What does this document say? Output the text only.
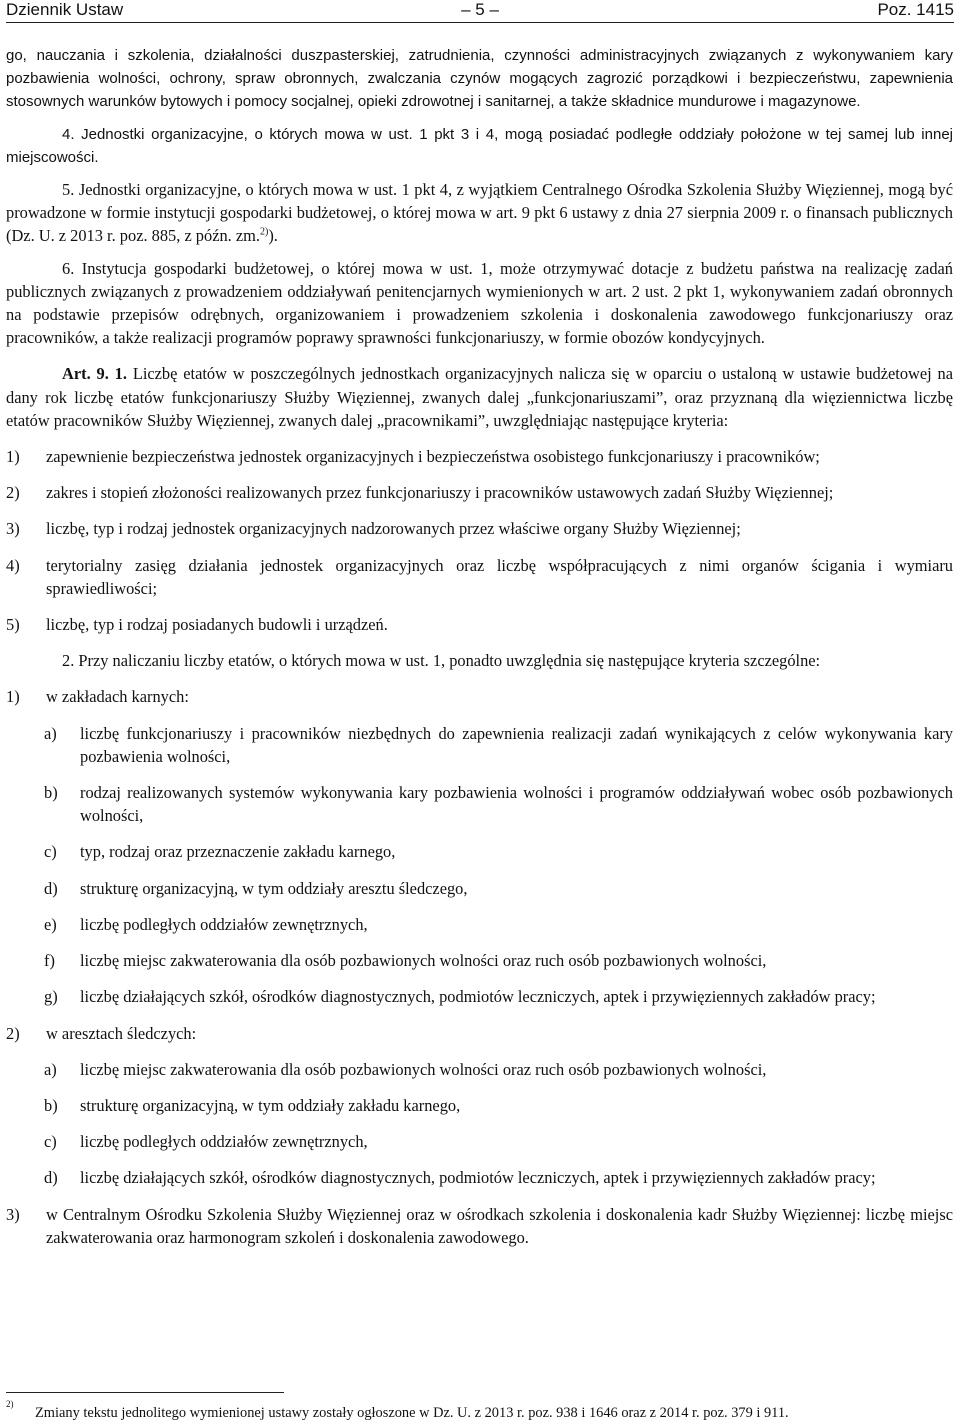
Dziennik Ustaw	– 5 –	Poz. 1415

go, nauczania i szkolenia, działalności duszpasterskiej, zatrudnienia, czynności administracyjnych związanych z wykonywaniem kary pozbawienia wolności, ochrony, spraw obronnych, zwalczania czynów mogących zagrozić porządkowi i bezpieczeństwu, zapewnienia stosownych warunków bytowych i pomocy socjalnej, opieki zdrowotnej i sanitarnej, a także składnice mundurowe i magazynowe.

4. Jednostki organizacyjne, o których mowa w ust. 1 pkt 3 i 4, mogą posiadać podległe oddziały położone w tej samej lub innej miejscowości.

5. Jednostki organizacyjne, o których mowa w ust. 1 pkt 4, z wyjątkiem Centralnego Ośrodka Szkolenia Służby Więziennej, mogą być prowadzone w formie instytucji gospodarki budżetowej, o której mowa w art. 9 pkt 6 ustawy z dnia 27 sierpnia 2009 r. o finansach publicznych (Dz. U. z 2013 r. poz. 885, z późn. zm.$^{2)}$).

6. Instytucja gospodarki budżetowej, o której mowa w ust. 1, może otrzymywać dotacje z budżetu państwa na realizację zadań publicznych związanych z prowadzeniem oddziaływań penitencjarnych wymienionych w art. 2 ust. 2 pkt 1, wykonywaniem zadań obronnych na podstawie przepisów odrębnych, organizowaniem i prowadzeniem szkolenia i doskonalenia zawodowego funkcjonariuszy oraz pracowników, a także realizacji programów poprawy sprawności funkcjonariuszy, w formie obozów kondycyjnych.

Art. 9. 1. Liczbę etatów w poszczególnych jednostkach organizacyjnych nalicza się w oparciu o ustaloną w ustawie budżetowej na dany rok liczbę etatów funkcjonariuszy Służby Więziennej, zwanych dalej „funkcjonariuszami”, oraz przyznaną dla więziennictwa liczbę etatów pracowników Służby Więziennej, zwanych dalej „pracownikami”, uwzględniając następujące kryteria:

1) zapewnienie bezpieczeństwa jednostek organizacyjnych i bezpieczeństwa osobistego funkcjonariuszy i pracowników;
2) zakres i stopień złożoności realizowanych przez funkcjonariuszy i pracowników ustawowych zadań Służby Więziennej;
3) liczbę, typ i rodzaj jednostek organizacyjnych nadzorowanych przez właściwe organy Służby Więziennej;
4) terytorialny zasięg działania jednostek organizacyjnych oraz liczbę współpracujących z nimi organów ścigania i wymiaru sprawiedliwości;
5) liczbę, typ i rodzaj posiadanych budowli i urządzeń.

2. Przy naliczaniu liczby etatów, o których mowa w ust. 1, ponadto uwzględnia się następujące kryteria szczególne:

1) w zakładach karnych:
a) liczbę funkcjonariuszy i pracowników niezbędnych do zapewnienia realizacji zadań wynikających z celów wykonywania kary pozbawienia wolności,
b) rodzaj realizowanych systemów wykonywania kary pozbawienia wolności i programów oddziaływań wobec osób pozbawionych wolności,
c) typ, rodzaj oraz przeznaczenie zakładu karnego,
d) strukturę organizacyjną, w tym oddziały aresztu śledczego,
e) liczbę podległych oddziałów zewnętrznych,
f) liczbę miejsc zakwaterowania dla osób pozbawionych wolności oraz ruch osób pozbawionych wolności,
g) liczbę działających szkół, ośrodków diagnostycznych, podmiotów leczniczych, aptek i przywięziennych zakładów pracy;
2) w aresztach śledczych:
a) liczbę miejsc zakwaterowania dla osób pozbawionych wolności oraz ruch osób pozbawionych wolności,
b) strukturę organizacyjną, w tym oddziały zakładu karnego,
c) liczbę podległych oddziałów zewnętrznych,
d) liczbę działających szkół, ośrodków diagnostycznych, podmiotów leczniczych, aptek i przywięziennych zakładów pracy;
3) w Centralnym Ośrodku Szkolenia Służby Więziennej oraz w ośrodkach szkolenia i doskonalenia kadr Służby Więziennej: liczbę miejsc zakwaterowania oraz harmonogram szkoleń i doskonalenia zawodowego.
2)
Zmiany tekstu jednolitego wymienionej ustawy zostały ogłoszone w Dz. U. z 2013 r. poz. 938 i 1646 oraz z 2014 r. poz. 379 i 911.
